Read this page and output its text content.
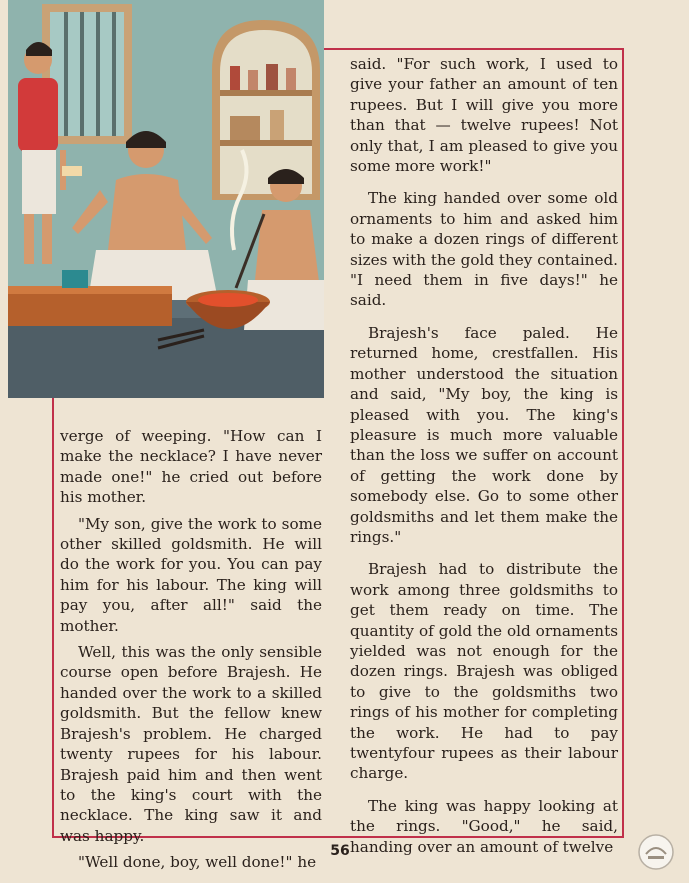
verge of weeping. "How can I make the necklace? I have never made one!" he cried out before his mother.

"My son, give the work to some other skilled goldsmith. He will do the work for you. You can pay him for his labour. The king will pay you, after all!" said the mother.

Well, this was the only sensible course open before Brajesh. He handed over the work to a skilled goldsmith. But the fellow knew Brajesh's problem. He charged twenty rupees for his labour. Brajesh paid him and then went to the king's court with the necklace. The king saw it and was happy.

"Well done, boy, well done!" he

said. "For such work, I used to give your father an amount of ten rupees. But I will give you more than that — twelve rupees! Not only that, I am pleased to give you some more work!"

The king handed over some old ornaments to him and asked him to make a dozen rings of different sizes with the gold they contained. "I need them in five days!" he said.

Brajesh's face paled. He returned home, crestfallen. His mother understood the situation and said, "My boy, the king is pleased with you. The king's pleasure is much more valuable than the loss we suffer on account of getting the work done by somebody else. Go to some other goldsmiths and let them make the rings."

Brajesh had to distribute the work among three goldsmiths to get them ready on time. The quantity of gold the old ornaments yielded was not enough for the dozen rings. Brajesh was obliged to give to the goldsmiths two rings of his mother for completing the work. He had to pay twentyfour rupees as their labour charge.

The king was happy looking at the rings. "Good," he said, handing over an amount of twelve

56
